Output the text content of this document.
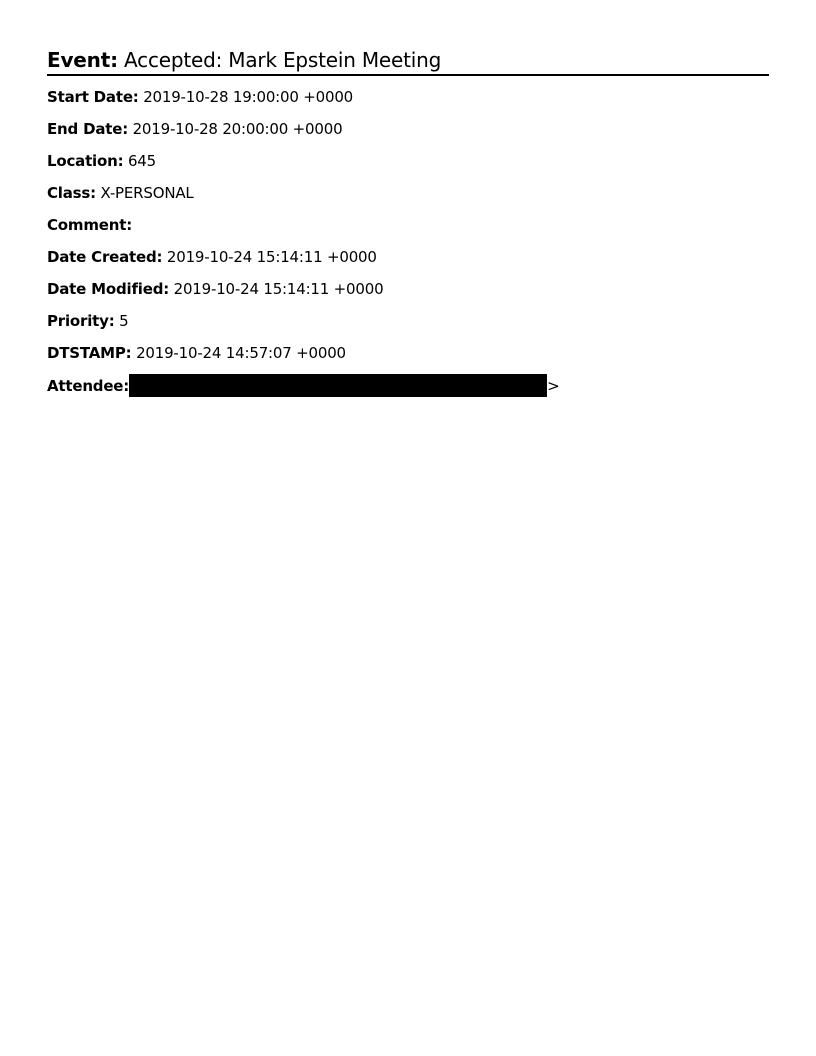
Event: Accepted: Mark Epstein Meeting
Start Date: 2019-10-28 19:00:00 +0000
End Date: 2019-10-28 20:00:00 +0000
Location: 645
Class: X-PERSONAL
Comment:
Date Created: 2019-10-24 15:14:11 +0000
Date Modified: 2019-10-24 15:14:11 +0000
Priority: 5
DTSTAMP: 2019-10-24 14:57:07 +0000
Attendee:	>
